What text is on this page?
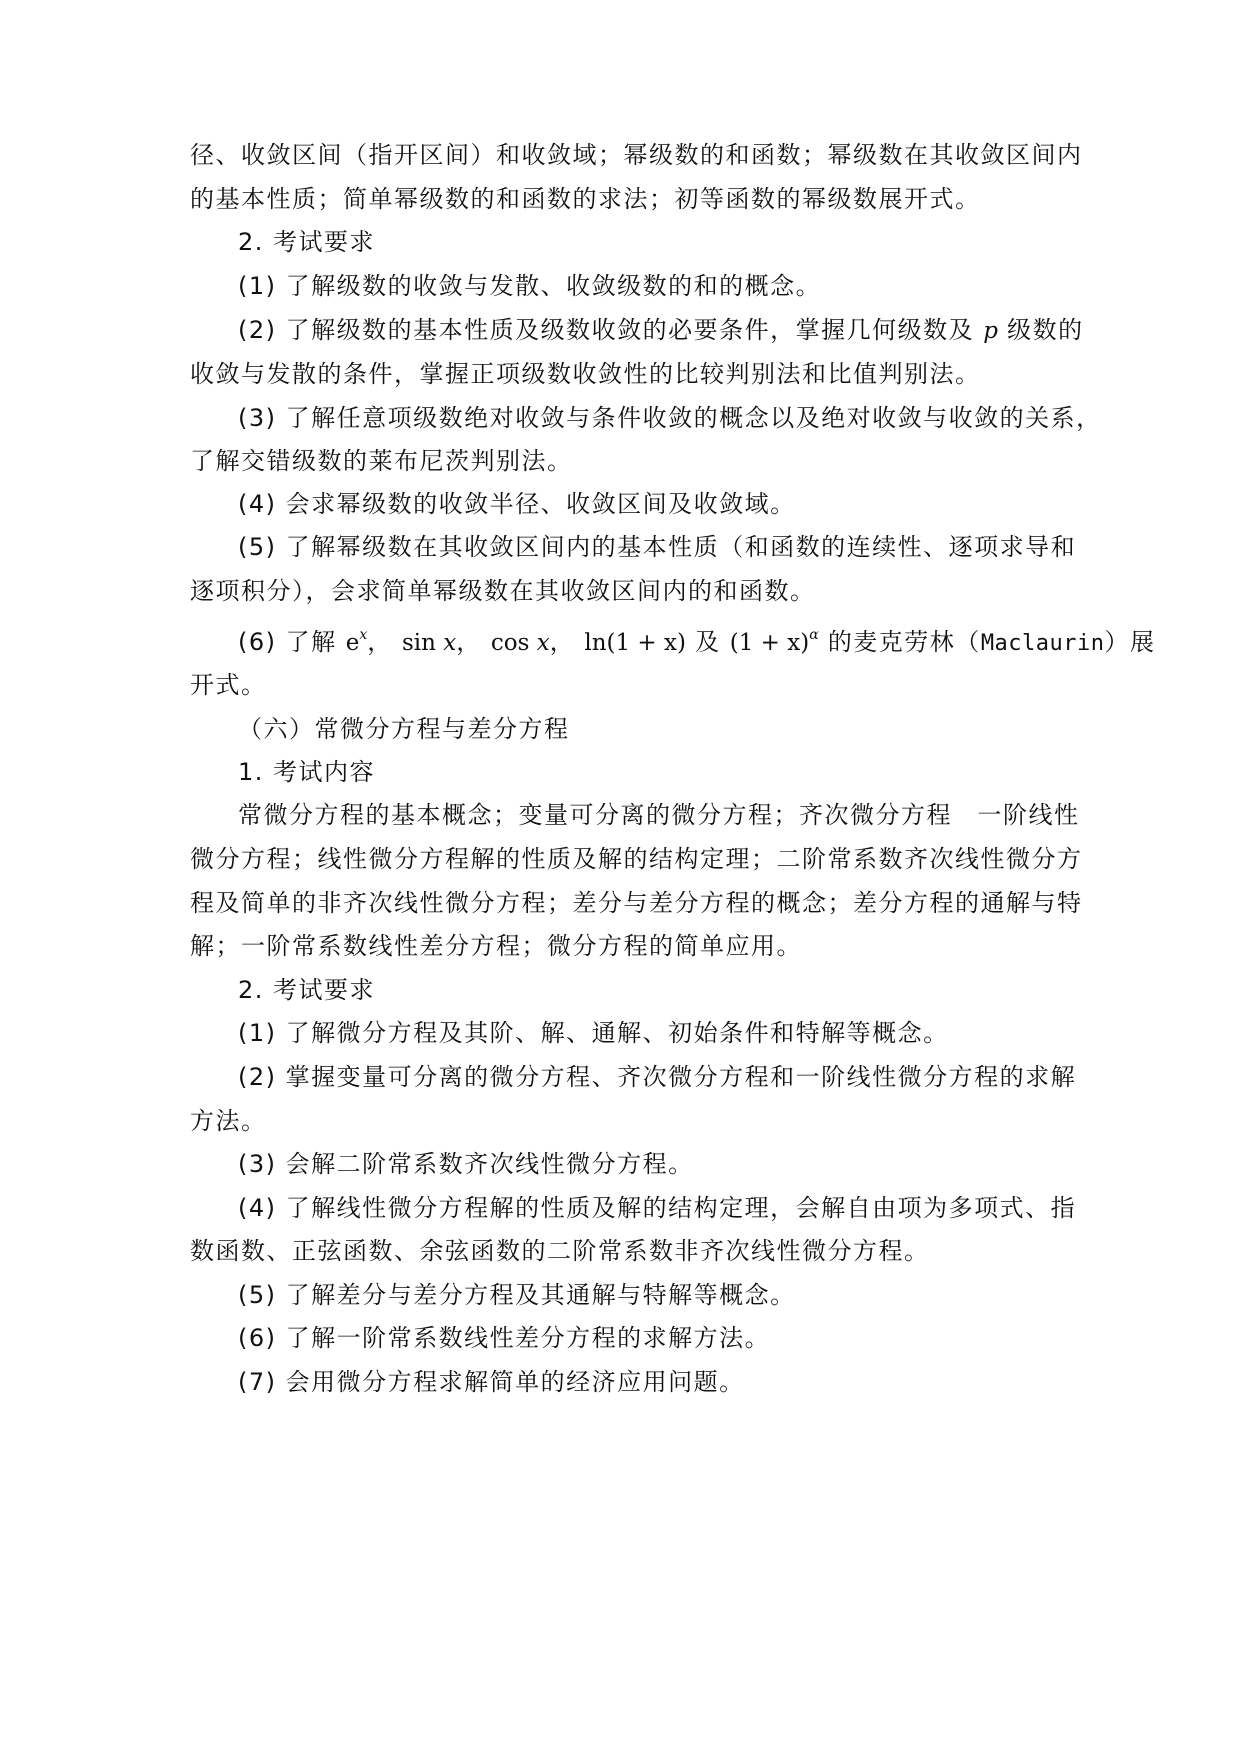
径、收敛区间（指开区间）和收敛域；幂级数的和函数；幂级数在其收敛区间内
的基本性质；简单幂级数的和函数的求法；初等函数的幂级数展开式。
2. 考试要求
(1) 了解级数的收敛与发散、收敛级数的和的概念。
(2) 了解级数的基本性质及级数收敛的必要条件，掌握几何级数及 p 级数的
收敛与发散的条件，掌握正项级数收敛性的比较判别法和比值判别法。
(3) 了解任意项级数绝对收敛与条件收敛的概念以及绝对收敛与收敛的关系，
了解交错级数的莱布尼茨判别法。
(4) 会求幂级数的收敛半径、收敛区间及收敛域。
(5) 了解幂级数在其收敛区间内的基本性质（和函数的连续性、逐项求导和
逐项积分），会求简单幂级数在其收敛区间内的和函数。
(6) 了解 $e^x$， sin x， cos x， ln(1 + x) 及 $(1 + x)^\alpha$ 的麦克劳林（Maclaurin）展
开式。
（六）常微分方程与差分方程
1. 考试内容
常微分方程的基本概念；变量可分离的微分方程；齐次微分方程　一阶线性
微分方程；线性微分方程解的性质及解的结构定理；二阶常系数齐次线性微分方
程及简单的非齐次线性微分方程；差分与差分方程的概念；差分方程的通解与特
解；一阶常系数线性差分方程；微分方程的简单应用。
2. 考试要求
(1) 了解微分方程及其阶、解、通解、初始条件和特解等概念。
(2) 掌握变量可分离的微分方程、齐次微分方程和一阶线性微分方程的求解
方法。
(3) 会解二阶常系数齐次线性微分方程。
(4) 了解线性微分方程解的性质及解的结构定理，会解自由项为多项式、指
数函数、正弦函数、余弦函数的二阶常系数非齐次线性微分方程。
(5) 了解差分与差分方程及其通解与特解等概念。
(6) 了解一阶常系数线性差分方程的求解方法。
(7) 会用微分方程求解简单的经济应用问题。
